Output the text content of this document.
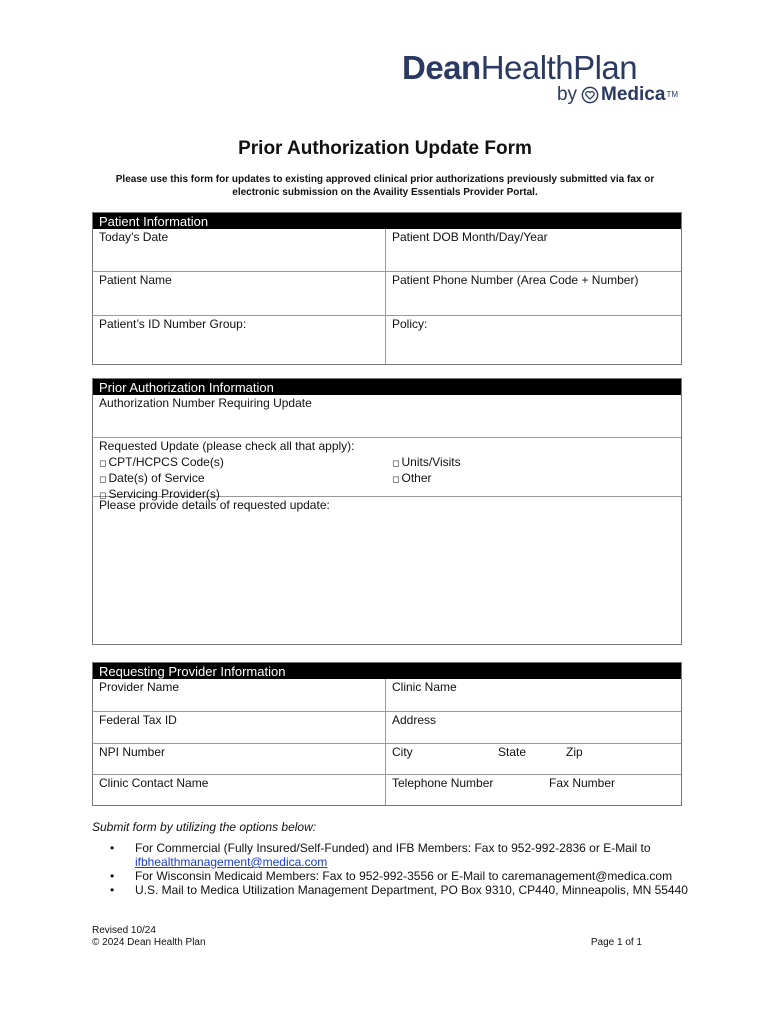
DeanHealthPlan
by Medica TM
Prior Authorization Update Form
Please use this form for updates to existing approved clinical prior authorizations previously submitted via fax or electronic submission on the Availity Essentials Provider Portal.
Patient Information
Today’s Date	Patient DOB Month/Day/Year
Patient Name	Patient Phone Number (Area Code + Number)
Patient’s ID Number Group:	Policy:
Prior Authorization Information
Authorization Number Requiring Update
Requested Update (please check all that apply):
◻ CPT/HCPCS Code(s)
◻ Date(s) of Service
◻ Servicing Provider(s)
◻ Units/Visits
◻ Other
Please provide details of requested update:
Requesting Provider Information
Provider Name	Clinic Name
Federal Tax ID	Address
NPI Number	City	State	Zip
Clinic Contact Name	Telephone Number	Fax Number
Submit form by utilizing the options below:
•	For Commercial (Fully Insured/Self-Funded) and IFB Members: Fax to 952-992-2836 or E-Mail to
ifbhealthmanagement@medica.com
•	For Wisconsin Medicaid Members: Fax to 952-992-3556 or E-Mail to caremanagement@medica.com
•	U.S. Mail to Medica Utilization Management Department, PO Box 9310, CP440, Minneapolis, MN 55440
Revised 10/24
© 2024 Dean Health Plan	Page 1 of 1
